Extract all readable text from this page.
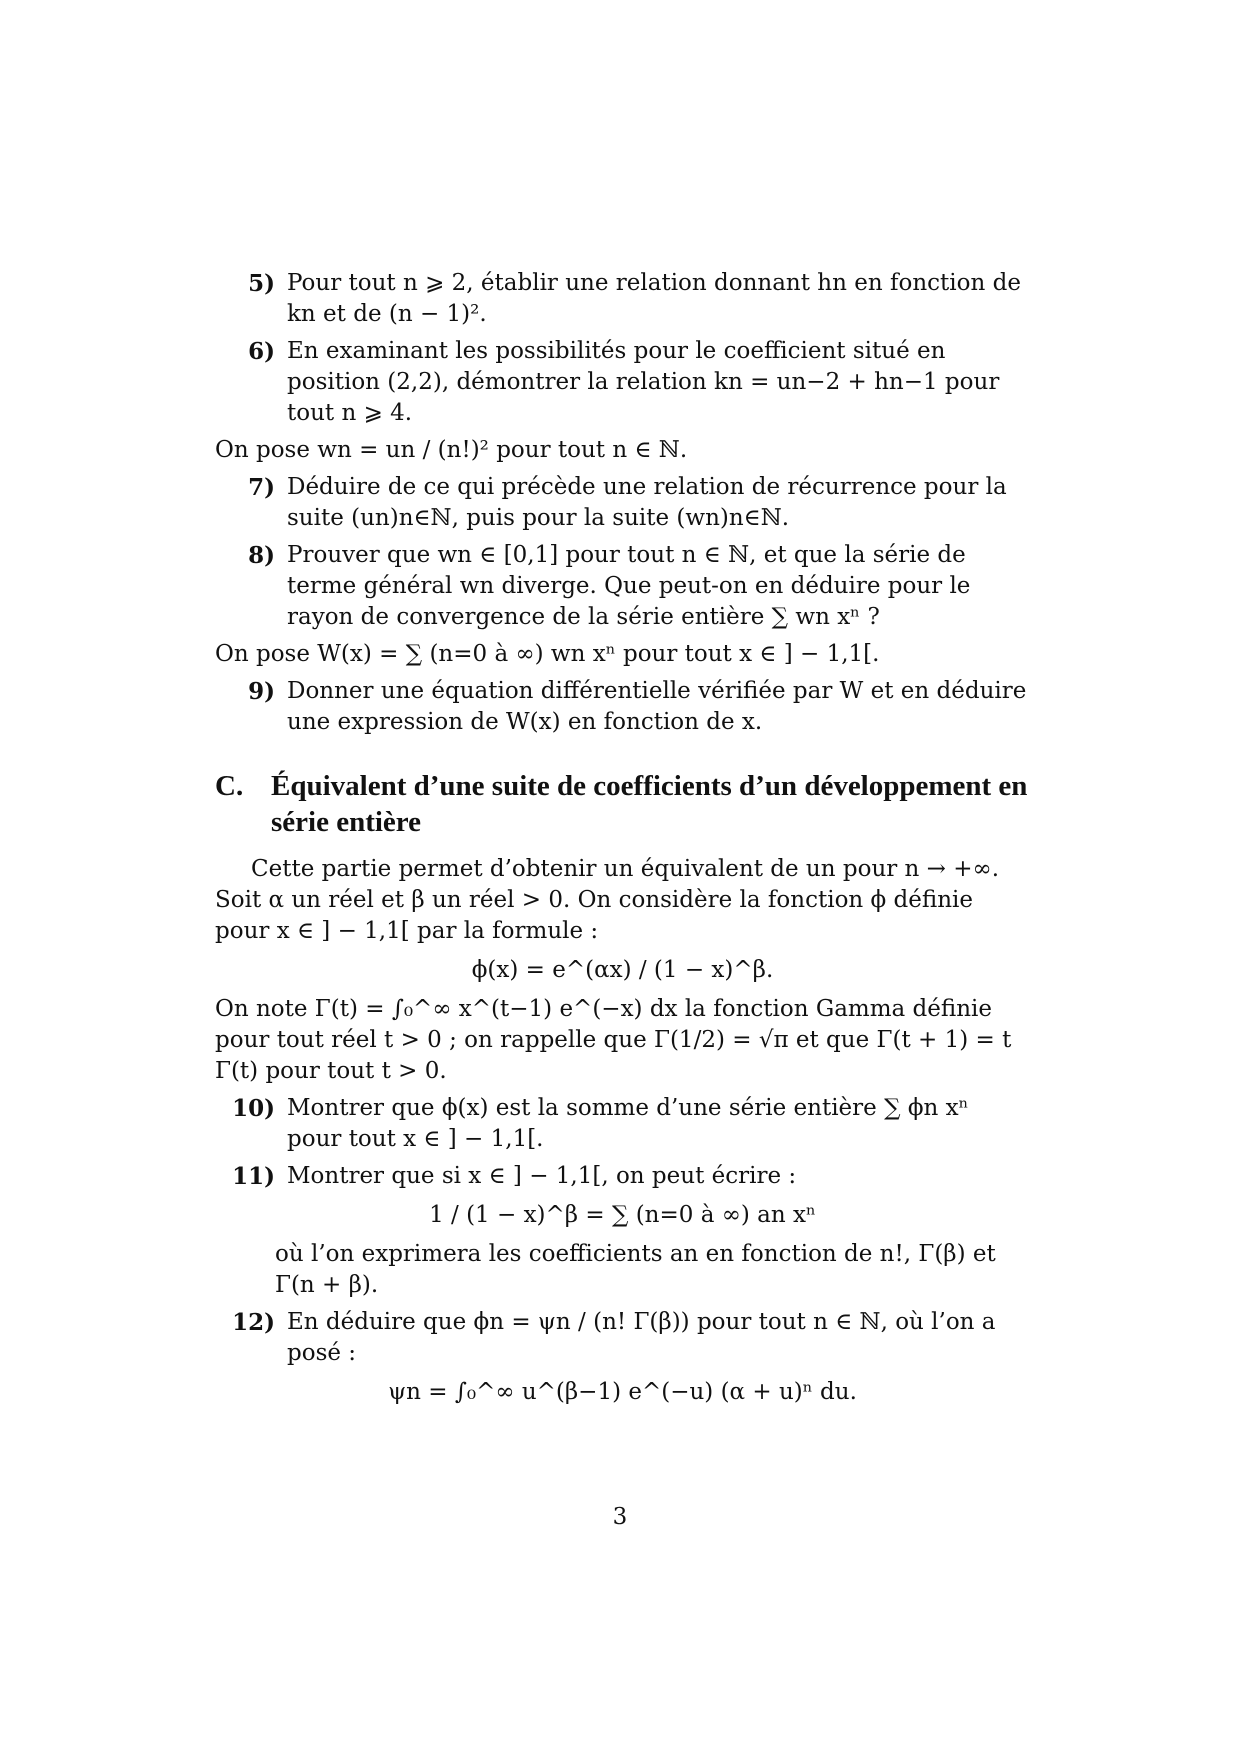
5) Pour tout n ⩾ 2, établir une relation donnant hn en fonction de kn et de (n − 1)².
6) En examinant les possibilités pour le coefficient situé en position (2,2), démontrer la relation kn = un−2 + hn−1 pour tout n ⩾ 4.

On pose wn = un / (n!)² pour tout n ∈ ℕ.

7) Déduire de ce qui précède une relation de récurrence pour la suite (un)n∈ℕ, puis pour la suite (wn)n∈ℕ.
8) Prouver que wn ∈ [0,1] pour tout n ∈ ℕ, et que la série de terme général wn diverge. Que peut-on en déduire pour le rayon de convergence de la série entière ∑ wn xⁿ ?

On pose W(x) = ∑ (n=0 à ∞) wn xⁿ pour tout x ∈ ] − 1,1[.

9) Donner une équation différentielle vérifiée par W et en déduire une expression de W(x) en fonction de x.
C. Équivalent d’une suite de coefficients d’un développement en série entière

Cette partie permet d’obtenir un équivalent de un pour n → +∞. Soit α un réel et β un réel > 0. On considère la fonction ϕ définie pour x ∈ ] − 1,1[ par la formule :

ϕ(x) = e^(αx) / (1 − x)^β.

On note Γ(t) = ∫₀^∞ x^(t−1) e^(−x) dx la fonction Gamma définie pour tout réel t > 0 ; on rappelle que Γ(1/2) = √π et que Γ(t + 1) = t Γ(t) pour tout t > 0.

10) Montrer que ϕ(x) est la somme d’une série entière ∑ ϕn xⁿ pour tout x ∈ ] − 1,1[.
11) Montrer que si x ∈ ] − 1,1[, on peut écrire :
1 / (1 − x)^β = ∑ (n=0 à ∞) an xⁿ

où l’on exprimera les coefficients an en fonction de n!, Γ(β) et Γ(n + β).

12) En déduire que ϕn = ψn / (n! Γ(β)) pour tout n ∈ ℕ, où l’on a posé :
ψn = ∫₀^∞ u^(β−1) e^(−u) (α + u)ⁿ du.
3
